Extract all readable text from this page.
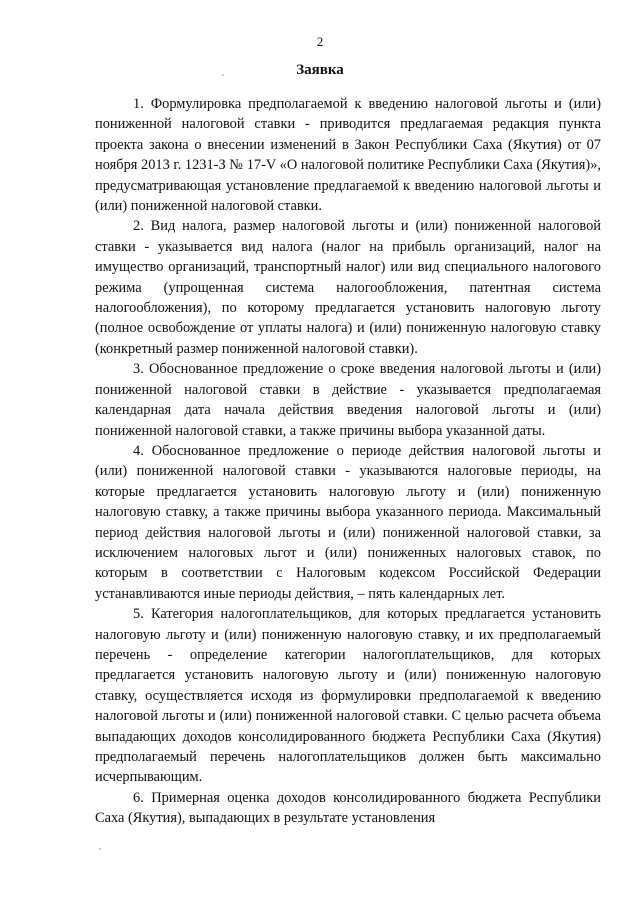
2
Заявка

1. Формулировка предполагаемой к введению налоговой льготы и (или) пониженной налоговой ставки - приводится предлагаемая редакция пункта проекта закона о внесении изменений в Закон Республики Саха (Якутия) от 07 ноября 2013 г. 1231-З № 17-V «О налоговой политике Республики Саха (Якутия)», предусматривающая установление предлагаемой к введению налоговой льготы и (или) пониженной налоговой ставки.

2. Вид налога, размер налоговой льготы и (или) пониженной налоговой ставки - указывается вид налога (налог на прибыль организаций, налог на имущество организаций, транспортный налог) или вид специального налогового режима (упрощенная система налогообложения, патентная система налогообложения), по которому предлагается установить налоговую льготу (полное освобождение от уплаты налога) и (или) пониженную налоговую ставку (конкретный размер пониженной налоговой ставки).

3. Обоснованное предложение о сроке введения налоговой льготы и (или) пониженной налоговой ставки в действие - указывается предполагаемая календарная дата начала действия введения налоговой льготы и (или) пониженной налоговой ставки, а также причины выбора указанной даты.

4. Обоснованное предложение о периоде действия налоговой льготы и (или) пониженной налоговой ставки - указываются налоговые периоды, на которые предлагается установить налоговую льготу и (или) пониженную налоговую ставку, а также причины выбора указанного периода. Максимальный период действия налоговой льготы и (или) пониженной налоговой ставки, за исключением налоговых льгот и (или) пониженных налоговых ставок, по которым в соответствии с Налоговым кодексом Российской Федерации устанавливаются иные периоды действия, – пять календарных лет.

5. Категория налогоплательщиков, для которых предлагается установить налоговую льготу и (или) пониженную налоговую ставку, и их предполагаемый перечень - определение категории налогоплательщиков, для которых предлагается установить налоговую льготу и (или) пониженную налоговую ставку, осуществляется исходя из формулировки предполагаемой к введению налоговой льготы и (или) пониженной налоговой ставки. С целью расчета объема выпадающих доходов консолидированного бюджета Республики Саха (Якутия) предполагаемый перечень налогоплательщиков должен быть максимально исчерпывающим.

6. Примерная оценка доходов консолидированного бюджета Республики Саха (Якутия), выпадающих в результате установления
